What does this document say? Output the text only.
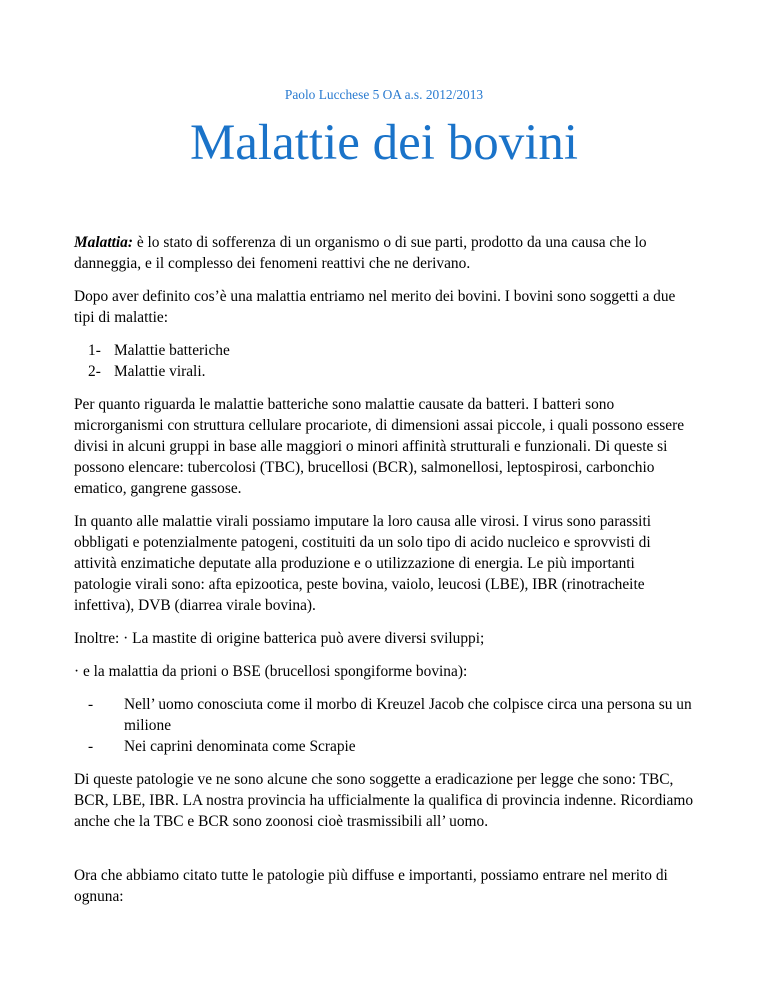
Paolo Lucchese 5 OA a.s. 2012/2013
Malattie dei bovini

Malattia: è lo stato di sofferenza di un organismo o di sue parti, prodotto da una causa che lo danneggia, e il complesso dei fenomeni reattivi che ne derivano.

Dopo aver definito cos’è una malattia entriamo nel merito dei bovini. I bovini sono soggetti a due tipi di malattie:

1- Malattie batteriche
2- Malattie virali.

Per quanto riguarda le malattie batteriche sono malattie causate da batteri. I batteri sono microrganismi con struttura cellulare procariote, di dimensioni assai piccole, i quali possono essere divisi in alcuni gruppi in base alle maggiori o minori affinità strutturali e funzionali. Di queste si possono elencare: tubercolosi (TBC), brucellosi (BCR), salmonellosi, leptospirosi, carbonchio ematico, gangrene gassose.

In quanto alle malattie virali possiamo imputare la loro causa alle virosi. I virus sono parassiti obbligati e potenzialmente patogeni, costituiti da un solo tipo di acido nucleico e sprovvisti di attività enzimatiche deputate alla produzione e o utilizzazione di energia. Le più importanti patologie virali sono: afta epizootica, peste bovina, vaiolo, leucosi (LBE), IBR (rinotracheite infettiva), DVB (diarrea virale bovina).

Inoltre: · La mastite di origine batterica può avere diversi sviluppi;

· e la malattia da prioni o BSE (brucellosi spongiforme bovina):

-	Nell’ uomo conosciuta come il morbo di Kreuzel Jacob che colpisce circa una persona su un milione
-	Nei caprini denominata come Scrapie

Di queste patologie ve ne sono alcune che sono soggette a eradicazione per legge che sono: TBC, BCR, LBE, IBR. LA nostra provincia ha ufficialmente la qualifica di provincia indenne. Ricordiamo anche che la TBC e BCR sono zoonosi cioè trasmissibili all’ uomo.

Ora che abbiamo citato tutte le patologie più diffuse e importanti, possiamo entrare nel merito di ognuna:
